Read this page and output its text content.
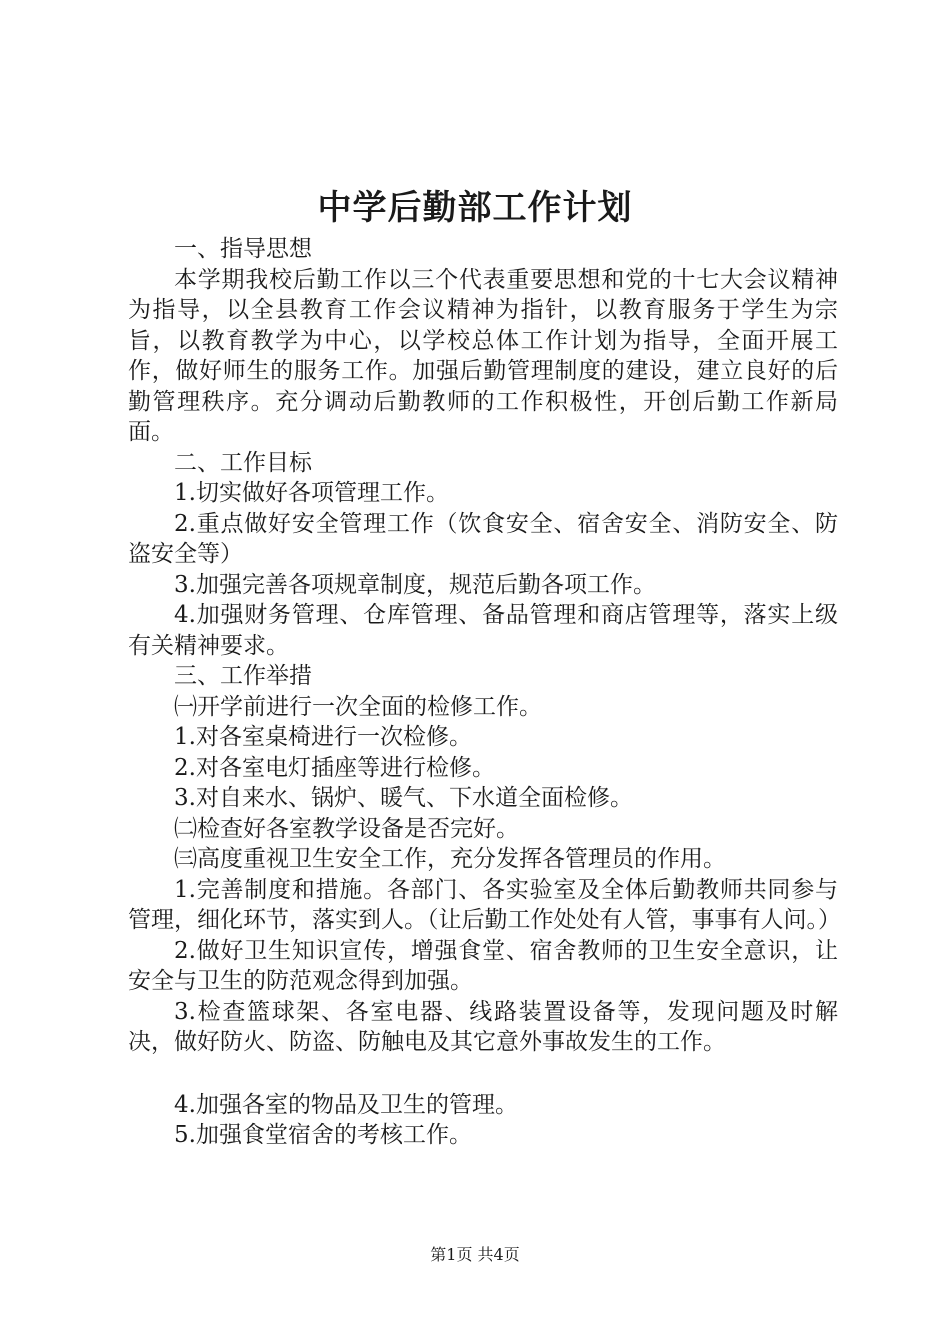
中学后勤部工作计划

一、指导思想

本学期我校后勤工作以三个代表重要思想和党的十七大会议精神为指导，以全县教育工作会议精神为指针，以教育服务于学生为宗旨，以教育教学为中心，以学校总体工作计划为指导，全面开展工作，做好师生的服务工作。加强后勤管理制度的建设，建立良好的后勤管理秩序。充分调动后勤教师的工作积极性，开创后勤工作新局面。

二、工作目标

1.切实做好各项管理工作。

2.重点做好安全管理工作（饮食安全、宿舍安全、消防安全、防盗安全等）

3.加强完善各项规章制度，规范后勤各项工作。

4.加强财务管理、仓库管理、备品管理和商店管理等，落实上级有关精神要求。

三、工作举措

㈠开学前进行一次全面的检修工作。

1.对各室桌椅进行一次检修。

2.对各室电灯插座等进行检修。

3.对自来水、锅炉、暖气、下水道全面检修。

㈡检查好各室教学设备是否完好。

㈢高度重视卫生安全工作，充分发挥各管理员的作用。

1.完善制度和措施。各部门、各实验室及全体后勤教师共同参与管理，细化环节，落实到人。（让后勤工作处处有人管，事事有人问。）

2.做好卫生知识宣传，增强食堂、宿舍教师的卫生安全意识，让安全与卫生的防范观念得到加强。

3.检查篮球架、各室电器、线路装置设备等，发现问题及时解决，做好防火、防盗、防触电及其它意外事故发生的工作。

4.加强各室的物品及卫生的管理。

5.加强食堂宿舍的考核工作。

第1页 共4页
